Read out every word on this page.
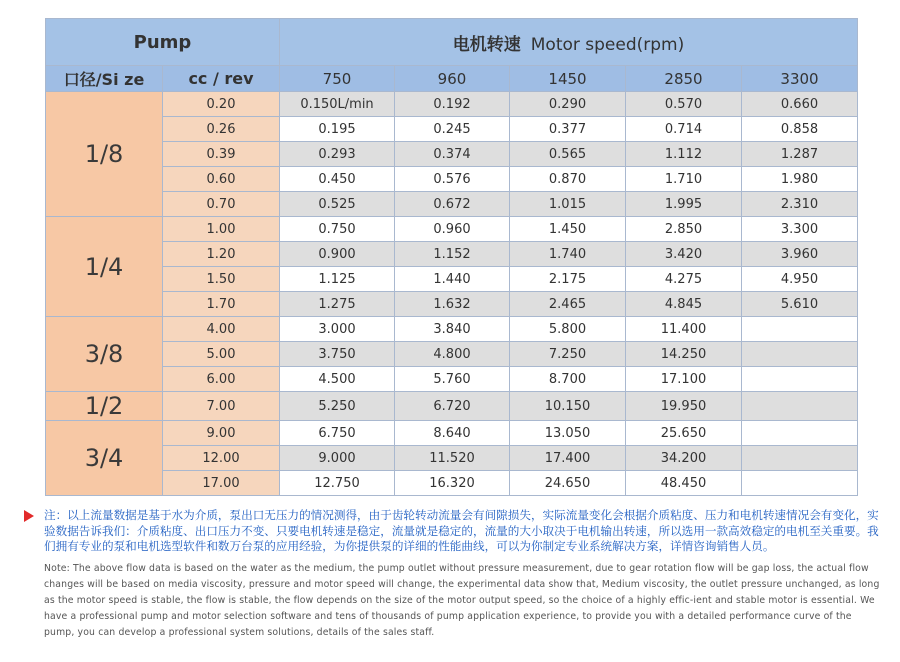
Pump		电机转速 Motor speed(rpm)				
口径/Si ze	cc / rev	750	960	1450	2850	3300
1/8	0.20	0.150L/min	0.192	0.290	0.570	0.660
	0.26	0.195	0.245	0.377	0.714	0.858
	0.39	0.293	0.374	0.565	1.112	1.287
	0.60	0.450	0.576	0.870	1.710	1.980
	0.70	0.525	0.672	1.015	1.995	2.310
1/4	1.00	0.750	0.960	1.450	2.850	3.300
	1.20	0.900	1.152	1.740	3.420	3.960
	1.50	1.125	1.440	2.175	4.275	4.950
	1.70	1.275	1.632	2.465	4.845	5.610
3/8	4.00	3.000	3.840	5.800	11.400	
	5.00	3.750	4.800	7.250	14.250	
	6.00	4.500	5.760	8.700	17.100	
1/2	7.00	5.250	6.720	10.150	19.950	
3/4	9.00	6.750	8.640	13.050	25.650	
	12.00	9.000	11.520	17.400	34.200	
	17.00	12.750	16.320	24.650	48.450	

注：以上流量数据是基于水为介质，泵出口无压力的情况测得，由于齿轮转动流量会有间隙损失，实际流量变化会根据介质粘度、压力和电机转速情况会有变化，实验数据告诉我们：介质粘度、出口压力不变、只要电机转速是稳定，流量就是稳定的，流量的大小取决于电机输出转速，所以选用一款高效稳定的电机至关重要。我们拥有专业的泵和电机选型软件和数万台泵的应用经验，为你提供泵的详细的性能曲线，可以为你制定专业系统解决方案，详情咨询销售人员。

Note: The above flow data is based on the water as the medium, the pump outlet without pressure measurement, due to gear rotation flow will be gap loss, the actual flow changes will be based on media viscosity, pressure and motor speed will change, the experimental data show that, Medium viscosity, the outlet pressure unchanged, as long as the motor speed is stable, the flow is stable, the flow depends on the size of the motor output speed, so the choice of a highly effic-ient and stable motor is essential. We have a professional pump and motor selection software and tens of thousands of pump application experience, to provide you with a detailed performance curve of the pump, you can develop a professional system solutions, details of the sales staff.
